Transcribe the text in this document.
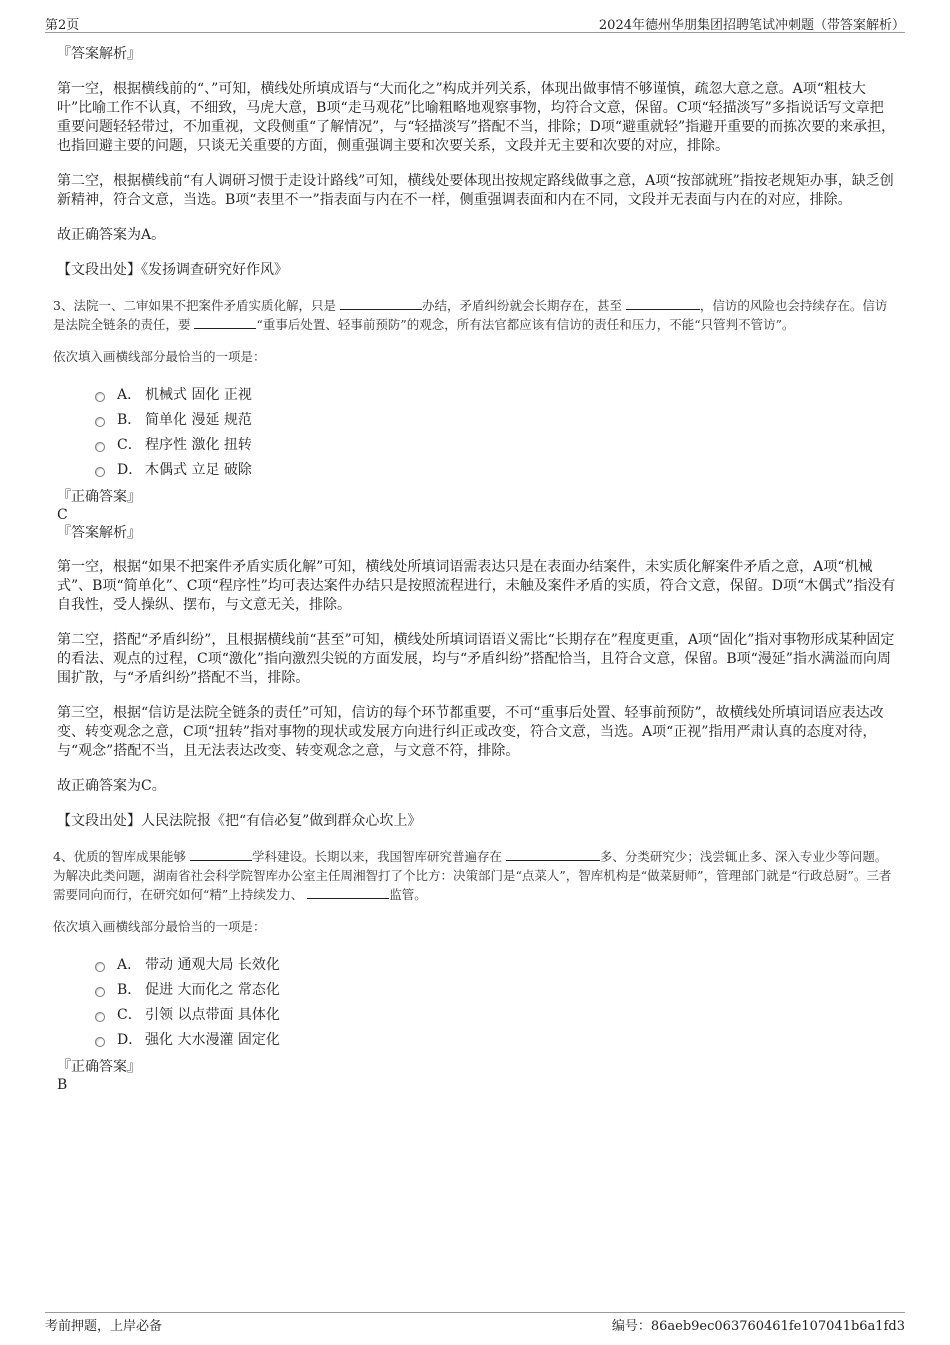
第2页	2024年德州华朋集团招聘笔试冲刺题（带答案解析）

『答案解析』

第一空，根据横线前的“、”可知，横线处所填成语与“大而化之”构成并列关系，体现出做事情不够谨慎，疏忽大意之意。A项“粗枝大叶”比喻工作不认真，不细致，马虎大意，B项“走马观花”比喻粗略地观察事物，均符合文意，保留。C项“轻描淡写”多指说话写文章把重要问题轻轻带过，不加重视，文段侧重“了解情况”，与“轻描淡写”搭配不当，排除；D项“避重就轻”指避开重要的而拣次要的来承担，也指回避主要的问题，只谈无关重要的方面，侧重强调主要和次要关系，文段并无主要和次要的对应，排除。

第二空，根据横线前“有人调研习惯于走设计路线”可知，横线处要体现出按规定路线做事之意，A项“按部就班”指按老规矩办事，缺乏创新精神，符合文意，当选。B项“表里不一”指表面与内在不一样，侧重强调表面和内在不同，文段并无表面与内在的对应，排除。

故正确答案为A。

【文段出处】《发扬调查研究好作风》

3、法院一、二审如果不把案件矛盾实质化解，只是	办结，矛盾纠纷就会长期存在，甚至	，信访的风险也会持续存在。信访是法院全链条的责任，要	“重事后处置、轻事前预防”的观念，所有法官都应该有信访的责任和压力，不能“只管判不管访”。

依次填入画横线部分最恰当的一项是：

A． 机械式 固化 正视
B． 简单化 漫延 规范
C． 程序性 激化 扭转
D． 木偶式 立足 破除

『正确答案』

C

『答案解析』

第一空，根据“如果不把案件矛盾实质化解”可知，横线处所填词语需表达只是在表面办结案件，未实质化解案件矛盾之意，A项“机械式”、B项“简单化”、C项“程序性”均可表达案件办结只是按照流程进行，未触及案件矛盾的实质，符合文意，保留。D项“木偶式”指没有自我性，受人操纵、摆布，与文意无关，排除。

第二空，搭配“矛盾纠纷”，且根据横线前“甚至”可知，横线处所填词语语义需比“长期存在”程度更重，A项“固化”指对事物形成某种固定的看法、观点的过程，C项“激化”指向激烈尖锐的方面发展，均与“矛盾纠纷”搭配恰当，且符合文意，保留。B项“漫延”指水满溢而向周围扩散，与“矛盾纠纷”搭配不当，排除。

第三空，根据“信访是法院全链条的责任”可知，信访的每个环节都重要，不可“重事后处置、轻事前预防”，故横线处所填词语应表达改变、转变观念之意，C项“扭转”指对事物的现状或发展方向进行纠正或改变，符合文意，当选。A项“正视”指用严肃认真的态度对待，与“观念”搭配不当，且无法表达改变、转变观念之意，与文意不符，排除。

故正确答案为C。

【文段出处】人民法院报《把“有信必复”做到群众心坎上》

4、优质的智库成果能够	学科建设。长期以来，我国智库研究普遍存在	多、分类研究少；浅尝辄止多、深入专业少等问题。为解决此类问题，湖南省社会科学院智库办公室主任周湘智打了个比方：决策部门是“点菜人”，智库机构是“做菜厨师”，管理部门就是“行政总厨”。三者需要同向而行，在研究如何“精”上持续发力、	监管。

依次填入画横线部分最恰当的一项是：

A． 带动 通观大局 长效化
B． 促进 大而化之 常态化
C． 引领 以点带面 具体化
D． 强化 大水漫灌 固定化

『正确答案』

B

考前押题，上岸必备	编号：86aeb9ec063760461fe107041b6a1fd3
